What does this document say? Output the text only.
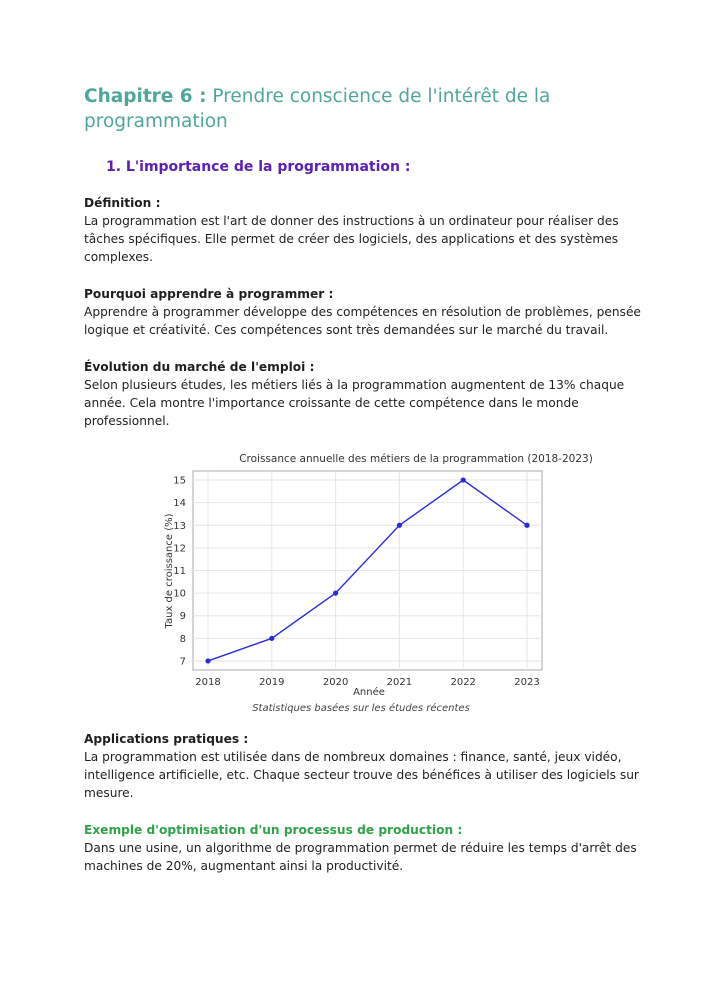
Chapitre 6 : Prendre conscience de l'intérêt de la programmation
1. L'importance de la programmation :
Définition :

La programmation est l'art de donner des instructions à un ordinateur pour réaliser des tâches spécifiques. Elle permet de créer des logiciels, des applications et des systèmes complexes.

Pourquoi apprendre à programmer :

Apprendre à programmer développe des compétences en résolution de problèmes, pensée logique et créativité. Ces compétences sont très demandées sur le marché du travail.

Évolution du marché de l'emploi :

Selon plusieurs études, les métiers liés à la programmation augmentent de 13% chaque année. Cela montre l'importance croissante de cette compétence dans le monde professionnel.

Croissance annuelle des métiers de la programmation (2018-2023)
7
8
9
10
11
12
13
14
15
2018	2019	2020	2021	2022	2023
Année
Taux de croissance (%)
Statistiques basées sur les études récentes
Applications pratiques :

La programmation est utilisée dans de nombreux domaines : finance, santé, jeux vidéo, intelligence artificielle, etc. Chaque secteur trouve des bénéfices à utiliser des logiciels sur mesure.

Exemple d'optimisation d'un processus de production :

Dans une usine, un algorithme de programmation permet de réduire les temps d'arrêt des machines de 20%, augmentant ainsi la productivité.
